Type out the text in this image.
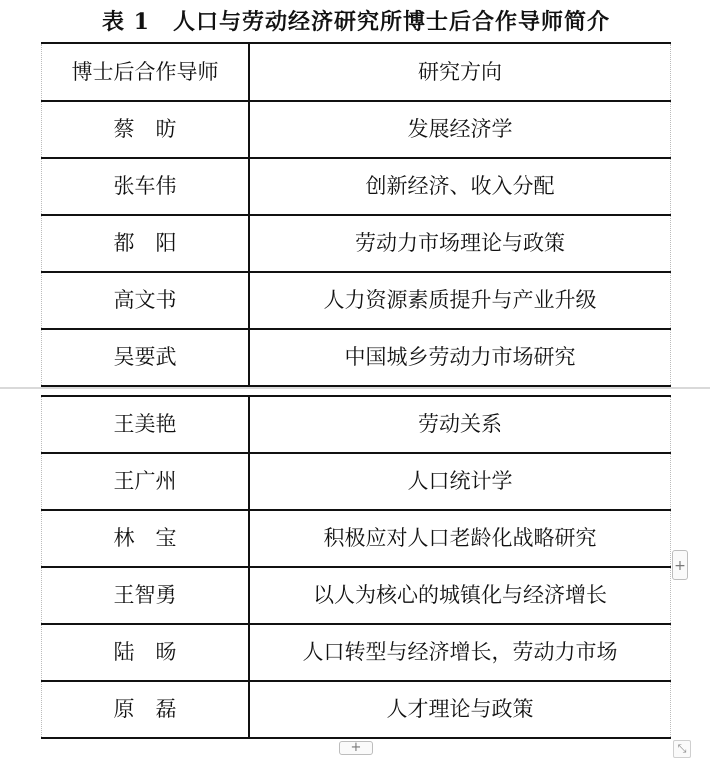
表 1　人口与劳动经济研究所博士后合作导师简介
博士后合作导师	研究方向
蔡　昉	发展经济学
张车伟	创新经济、收入分配
都　阳	劳动力市场理论与政策
高文书	人力资源素质提升与产业升级
吴要武	中国城乡劳动力市场研究
王美艳	劳动关系
王广州	人口统计学
林　宝	积极应对人口老龄化战略研究
王智勇	以人为核心的城镇化与经济增长
陆　旸	人口转型与经济增长，劳动力市场
原　磊	人才理论与政策
+
+	⤡
